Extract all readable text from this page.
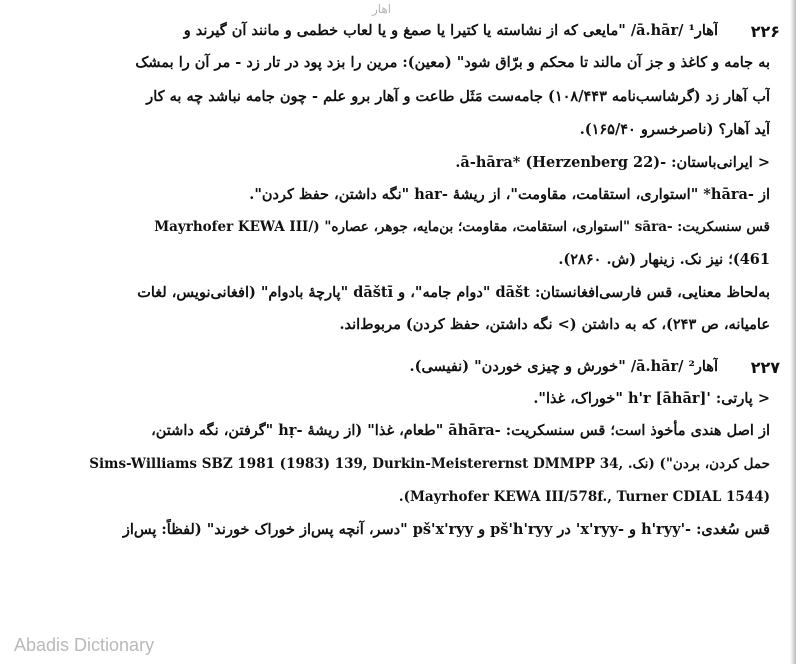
اهار
۲۲۶
آهار¹ /ā.hār/ "مایعی که از نشاسته یا کتیرا یا صمغ و یا لعاب خطمی و مانند آن گیرند و
به جامه و کاغذ و جز آن مالند تا محکم و برّاق شود" (معین): مرین را بزد پود در تار زد - مر آن را بمشک
آب آهار زد (گرشاسب‌نامه ۱۰۸/۴۴۳) جامه‌ست مَثَل طاعت و آهار برو علم - چون جامه نباشد چه به کار
آید آهار؟ (ناصرخسرو ۱۶۵/۴۰).
< ایرانی‌باستان: -ā-hāra* (Herzenberg 22).
از -hāra* "استواری، استقامت، مقاومت"، از ریشهٔ -har "نگه داشتن، حفظ کردن".
قس سنسکریت: -sāra "استواری، استقامت، مقاومت؛ بن‌مایه، جوهر، عصاره" (/Mayrhofer KEWA III
461)؛ نیز نک. زینهار (ش. ۲۸۶۰).
به‌لحاظ معنایی، قس فارسی‌افغانستان: dāšt "دوام جامه"، و dāštī "پارچهٔ بادوام" (افغانی‌نویس، لغات
عامیانه، ص ۲۴۳)، که به داشتن (> نگه داشتن، حفظ کردن) مربوط‌اند.
۲۲۷
آهار² /ā.hār/ "خورش و چیزی خوردن" (نفیسی).
< پارتی: 'h'r [āhār] "خوراک، غذا".
از اصل هندی مأخوذ است؛ قس سنسکریت: -āhāra "طعام، غذا" (از ریشهٔ -hṛ "گرفتن، نگه داشتن،
حمل کردن، بردن") (نک. ,Sims-Williams SBZ 1981 (1983) 139, Durkin-Meisterernst DMMPP 34
(Mayrhofer KEWA III/578f., Turner CDIAL 1544).
قس سُغدی: -'h'ryy و -x'ryy' در pš'h'ryy و pš'x'ryy "دسر، آنچه پس‌از خوراک خورند" (لفظاً: پس‌از
Abadis Dictionary
